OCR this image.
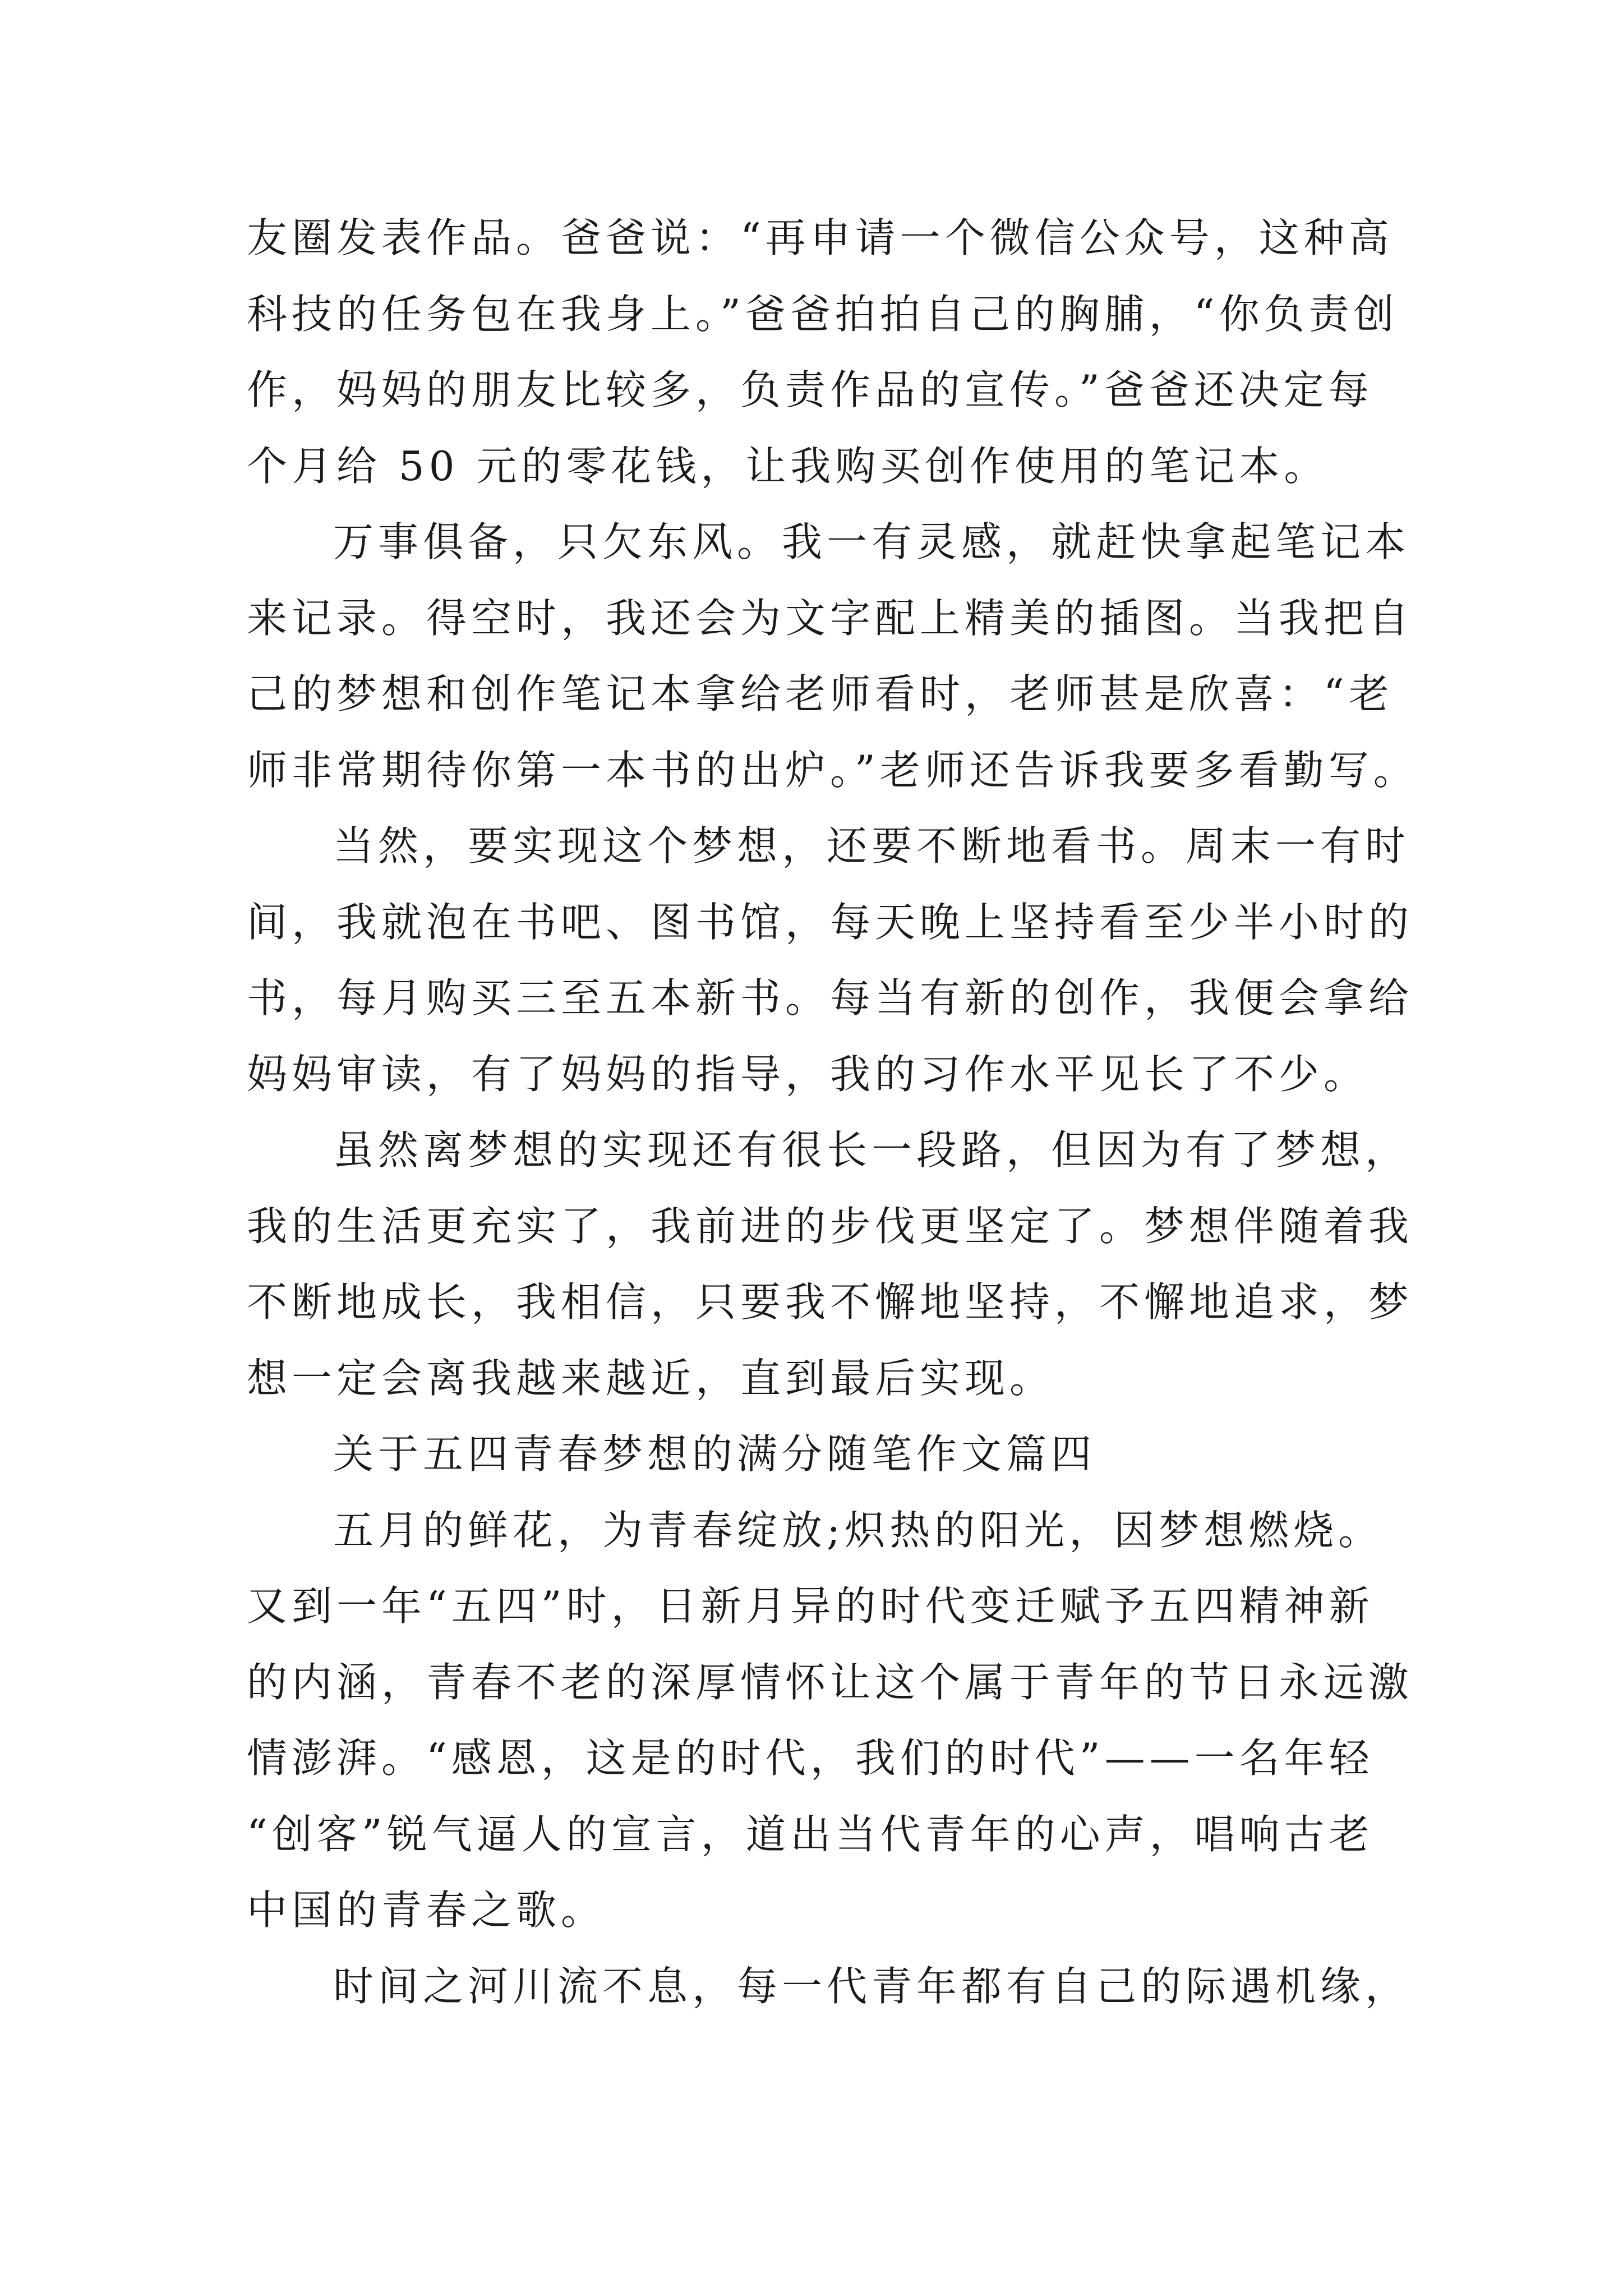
友圈发表作品。爸爸说：“再申请一个微信公众号，这种高

科技的任务包在我身上。”爸爸拍拍自己的胸脯，“你负责创

作，妈妈的朋友比较多，负责作品的宣传。”爸爸还决定每

个月给 50 元的零花钱，让我购买创作使用的笔记本。

万事俱备，只欠东风。我一有灵感，就赶快拿起笔记本

来记录。得空时，我还会为文字配上精美的插图。当我把自

己的梦想和创作笔记本拿给老师看时，老师甚是欣喜：“老

师非常期待你第一本书的出炉。”老师还告诉我要多看勤写。

当然，要实现这个梦想，还要不断地看书。周末一有时

间，我就泡在书吧、图书馆，每天晚上坚持看至少半小时的

书，每月购买三至五本新书。每当有新的创作，我便会拿给

妈妈审读，有了妈妈的指导，我的习作水平见长了不少。

虽然离梦想的实现还有很长一段路，但因为有了梦想，

我的生活更充实了，我前进的步伐更坚定了。梦想伴随着我

不断地成长，我相信，只要我不懈地坚持，不懈地追求，梦

想一定会离我越来越近，直到最后实现。

关于五四青春梦想的满分随笔作文篇四

五月的鲜花，为青春绽放;炽热的阳光，因梦想燃烧。

又到一年“五四”时，日新月异的时代变迁赋予五四精神新

的内涵，青春不老的深厚情怀让这个属于青年的节日永远激

情澎湃。“感恩，这是的时代，我们的时代”——一名年轻

“创客”锐气逼人的宣言，道出当代青年的心声，唱响古老

中国的青春之歌。

时间之河川流不息，每一代青年都有自己的际遇机缘，
